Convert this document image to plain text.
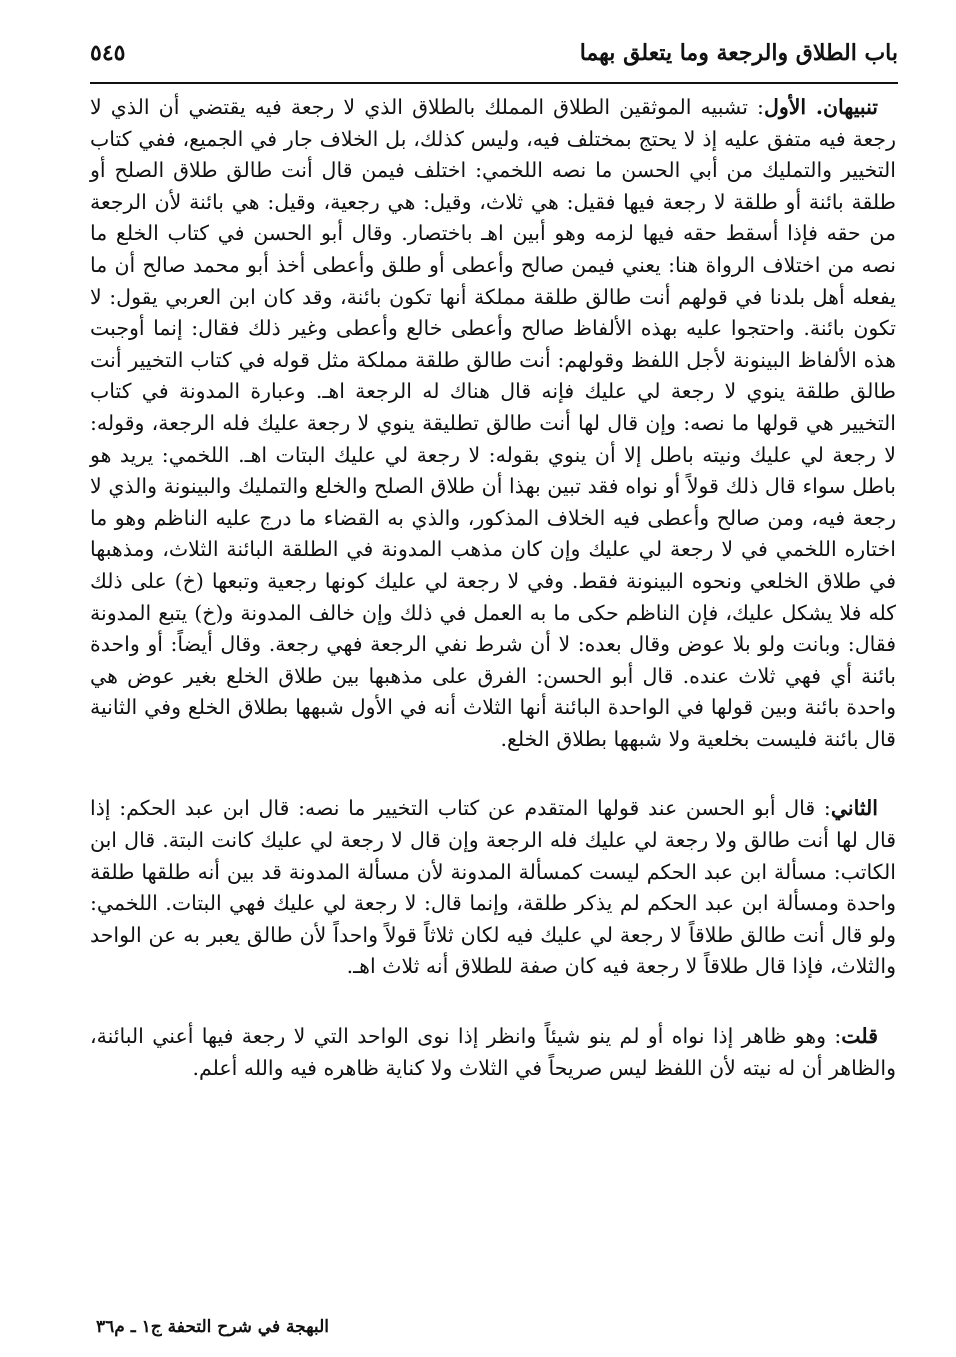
باب الطلاق والرجعة وما يتعلق بهما
٥٤٥

تنبيهان. الأول: تشبيه الموثقين الطلاق المملك بالطلاق الذي لا رجعة فيه يقتضي أن الذي لا رجعة فيه متفق عليه إذ لا يحتج بمختلف فيه، وليس كذلك، بل الخلاف جار في الجميع، ففي كتاب التخيير والتمليك من أبي الحسن ما نصه اللخمي: اختلف فيمن قال أنت طالق طلاق الصلح أو طلقة بائنة أو طلقة لا رجعة فيها فقيل: هي ثلاث، وقيل: هي رجعية، وقيل: هي بائنة لأن الرجعة من حقه فإذا أسقط حقه فيها لزمه وهو أبين اهـ باختصار. وقال أبو الحسن في كتاب الخلع ما نصه من اختلاف الرواة هنا: يعني فيمن صالح وأعطى أو طلق وأعطى أخذ أبو محمد صالح أن ما يفعله أهل بلدنا في قولهم أنت طالق طلقة مملكة أنها تكون بائنة، وقد كان ابن العربي يقول: لا تكون بائنة. واحتجوا عليه بهذه الألفاظ صالح وأعطى خالع وأعطى وغير ذلك فقال: إنما أوجبت هذه الألفاظ البينونة لأجل اللفظ وقولهم: أنت طالق طلقة مملكة مثل قوله في كتاب التخيير أنت طالق طلقة ينوي لا رجعة لي عليك فإنه قال هناك له الرجعة اهـ. وعبارة المدونة في كتاب التخيير هي قولها ما نصه: وإن قال لها أنت طالق تطليقة ينوي لا رجعة عليك فله الرجعة، وقوله: لا رجعة لي عليك ونيته باطل إلا أن ينوي بقوله: لا رجعة لي عليك البتات اهـ. اللخمي: يريد هو باطل سواء قال ذلك قولاً أو نواه فقد تبين بهذا أن طلاق الصلح والخلع والتمليك والبينونة والذي لا رجعة فيه، ومن صالح وأعطى فيه الخلاف المذكور، والذي به القضاء ما درج عليه الناظم وهو ما اختاره اللخمي في لا رجعة لي عليك وإن كان مذهب المدونة في الطلقة البائنة الثلاث، ومذهبها في طلاق الخلعي ونحوه البينونة فقط. وفي لا رجعة لي عليك كونها رجعية وتبعها (خ) على ذلك كله فلا يشكل عليك، فإن الناظم حكى ما به العمل في ذلك وإن خالف المدونة و(خ) يتبع المدونة فقال: وبانت ولو بلا عوض وقال بعده: لا أن شرط نفي الرجعة فهي رجعة. وقال أيضاً: أو واحدة بائنة أي فهي ثلاث عنده. قال أبو الحسن: الفرق على مذهبها بين طلاق الخلع بغير عوض هي واحدة بائنة وبين قولها في الواحدة البائنة أنها الثلاث أنه في الأول شبهها بطلاق الخلع وفي الثانية قال بائنة فليست بخلعية ولا شبهها بطلاق الخلع.

الثاني: قال أبو الحسن عند قولها المتقدم عن كتاب التخيير ما نصه: قال ابن عبد الحكم: إذا قال لها أنت طالق ولا رجعة لي عليك فله الرجعة وإن قال لا رجعة لي عليك كانت البتة. قال ابن الكاتب: مسألة ابن عبد الحكم ليست كمسألة المدونة لأن مسألة المدونة قد بين أنه طلقها طلقة واحدة ومسألة ابن عبد الحكم لم يذكر طلقة، وإنما قال: لا رجعة لي عليك فهي البتات. اللخمي: ولو قال أنت طالق طلاقاً لا رجعة لي عليك فيه لكان ثلاثاً قولاً واحداً لأن طالق يعبر به عن الواحد والثلاث، فإذا قال طلاقاً لا رجعة فيه كان صفة للطلاق أنه ثلاث اهـ.

قلت: وهو ظاهر إذا نواه أو لم ينو شيئاً وانظر إذا نوى الواحد التي لا رجعة فيها أعني البائنة، والظاهر أن له نيته لأن اللفظ ليس صريحاً في الثلاث ولا كناية ظاهره فيه والله أعلم.

البهجة في شرح التحفة ج١ ـ م٣٦
